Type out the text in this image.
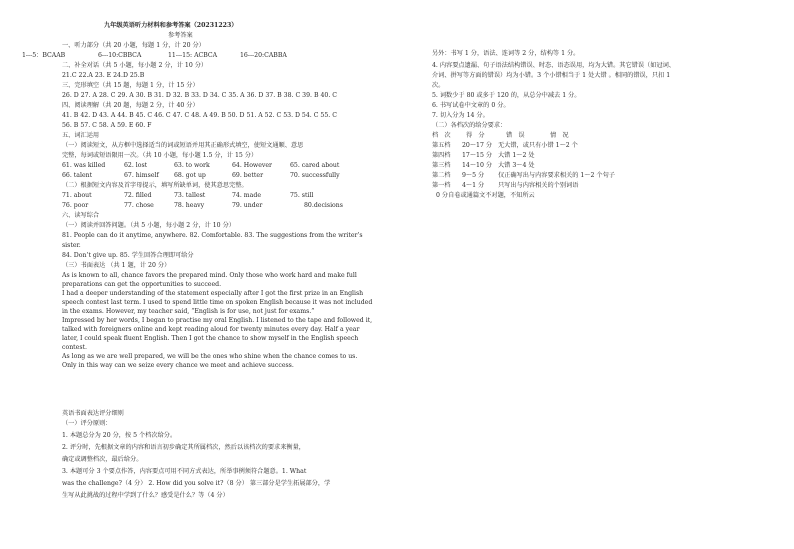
九年级英语听力材料和参考答案（20231223）
参考答案
一、听力部分（共 20 小题，每题 1 分，计 20 分）
1---5：BCAAB	6---10:CBBCA	11---15: ACBCA	16---20:CABBA
二、补全对话（共 5 小题，每小题 2 分，计 10 分）
21.C 22.A 23. E 24.D 25.B
三、完形填空（共 15 题，每题 1 分，计 15 分）
26. D 27. A 28. C 29. A 30. B 31. D 32. B 33. D 34. C 35. A 36. D 37. B 38. C 39. B 40. C
四、阅读理解（共 20 题，每题 2 分，计 40 分）
41. B 42. D 43. A 44. B 45. C 46. C 47. C 48. A 49. B 50. D 51. A 52. C 53. D 54. C 55. C
56. B 57. C 58. A 59. E 60. F
五、词汇运用
（一）阅读短文，从方框中选择适当的词或短语并用其正确形式填空，使短文通顺、意思
完整，每词或短语限用一次。（共 10 小题，每小题 1.5 分，计 15 分）
61. was killed	62. lost	63. to work	64. However	65. cared about
66. talent	67. himself 68. got up	69. better	70. successfully
（二）根据短文内容及首字母提示，填写所缺单词，使其意思完整。
71. about	72. filled	73. tallest	74. made	75. still
76. poor	77. chose	78. heavy	79. under	80.decisions
六、读写综合
（一）阅读并回答问题。（共 5 小题，每小题 2 分，计 10 分）
81. People can do it anytime, anywhere. 82. Comfortable. 83. The suggestions from the writer’s
sister.
84. Don’t give up. 85. 学生回答合理即可给分
（三）书面表达 （共 1 题，计 20 分）
As is known to all, chance favors the prepared mind. Only those who work hard and make full
preparations can get the opportunities to succeed.
I had a deeper understanding of the statement especially after I got the first prize in an English
speech contest last term. I used to spend little time on spoken English because it was not included
in the exams. However, my teacher said, “English is for use, not just for exams.”
Impressed by her words, I began to practise my oral English. I listened to the tape and followed it,
talked with foreigners online and kept reading aloud for twenty minutes every day. Half a year
later, I could speak fluent English. Then I got the chance to show myself in the English speech
contest.
As long as we are well prepared, we will be the ones who shine when the chance comes to us.
Only in this way can we seize every chance we meet and achieve success.
英语书面表达评分细则
（一）评分原则：
1. 本题总分为 20 分，按 5 个档次给分。
2. 评分时，先根据文章的内容和语言初步确定其所属档次，然后以该档次的要求来衡量，
确定或调整档次，最后给分。
3. 本题可分 3 个要点作答，内容要点可用不同方式表达，所举事例须符合题意。1. What
was the challenge?（4 分） 2. How did you solve it?（8 分） 第三部分是学生拓展部分，学
生写从此挑战的过程中学到了什么？感受是什么？等（4 分）
另外：书写 1 分，语法、连词等 2 分，结构等 1 分。
4. 内容要点遗漏、句子语法结构错误、时态、语态误用，均为大错。其它错误（如冠词、
介词、拼写等方面的错误）均为小错。3 个小错相当于 1 处大错 。相同的错误，只扣 1
次。
5. 词数少于 80 或多于 120 的，从总分中减去 1 分。
6. 书写试卷中文章的 0 分。
7. 切入分为 14 分。
（二）各档次的给分要求：
档　次 得　分	错　误	情　况
第五档 20～17 分 无大错，或只有小错 1～2 个
第四档 17～15 分 大错 1～2 处
第三档 14～10 分 大错 3～4 处
第二档 9～5 分 仅正确写出与内容要求相关的 1～2 个句子
第一档 4～1 分 只写出与内容相关的个别词语
0 分自卷或通篇文不对题，不知所云
